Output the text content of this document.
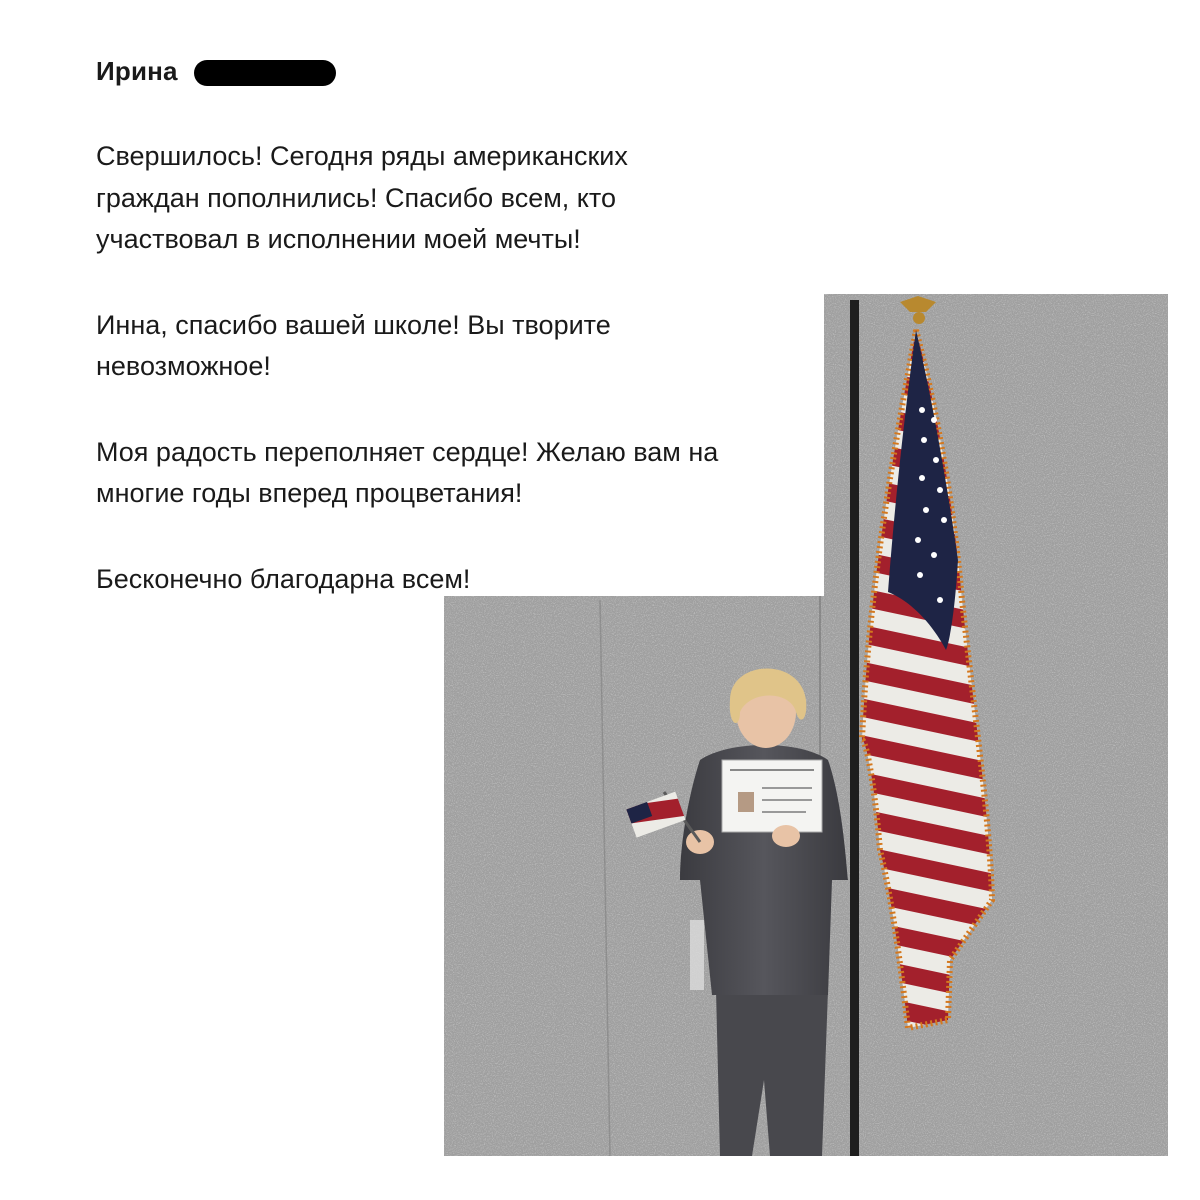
Ирина

Свершилось! Сегодня ряды американских граждан пополнились! Спасибо всем, кто участвовал в исполнении моей мечты!

Инна, спасибо вашей школе! Вы творите невозможное!

Моя радость переполняет сердце! Желаю вам на многие годы вперед процветания!

Бесконечно благодарна всем!
